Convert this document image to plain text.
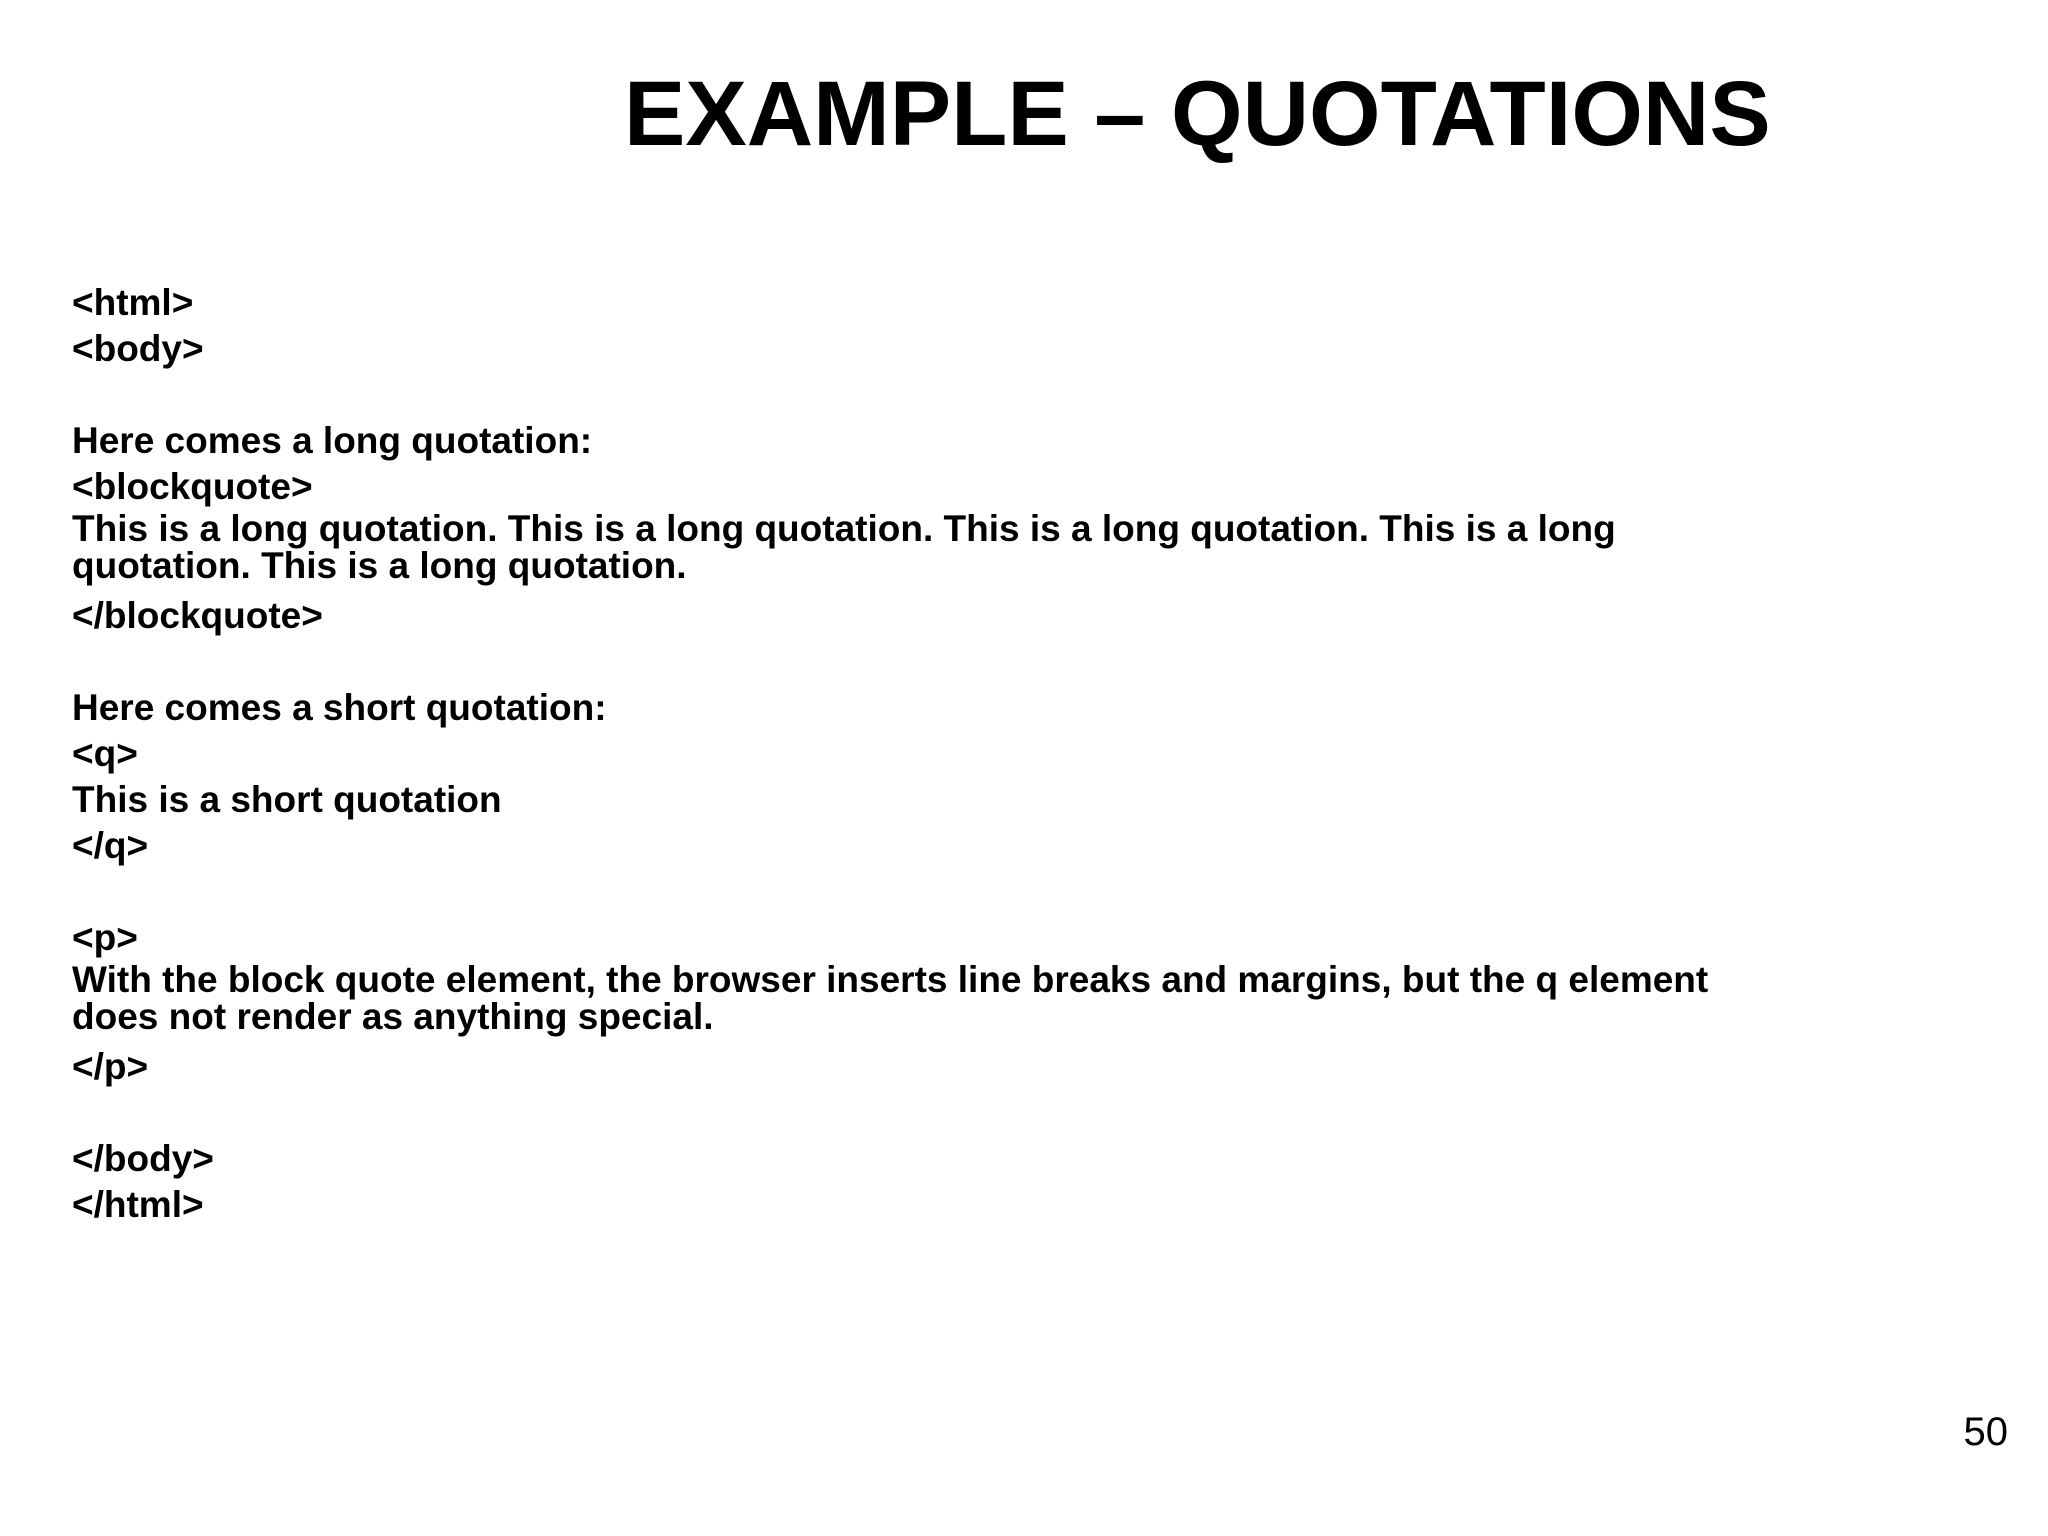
EXAMPLE – QUOTATIONS
<html>
<body>
Here comes a long quotation:
<blockquote>
This is a long quotation. This is a long quotation. This is a long quotation. This is a long
quotation. This is a long quotation.
</blockquote>
Here comes a short quotation:
<q>
This is a short quotation
</q>
<p>
With the block quote element, the browser inserts line breaks and margins, but the q element
does not render as anything special.
</p>
</body>
</html>
50
